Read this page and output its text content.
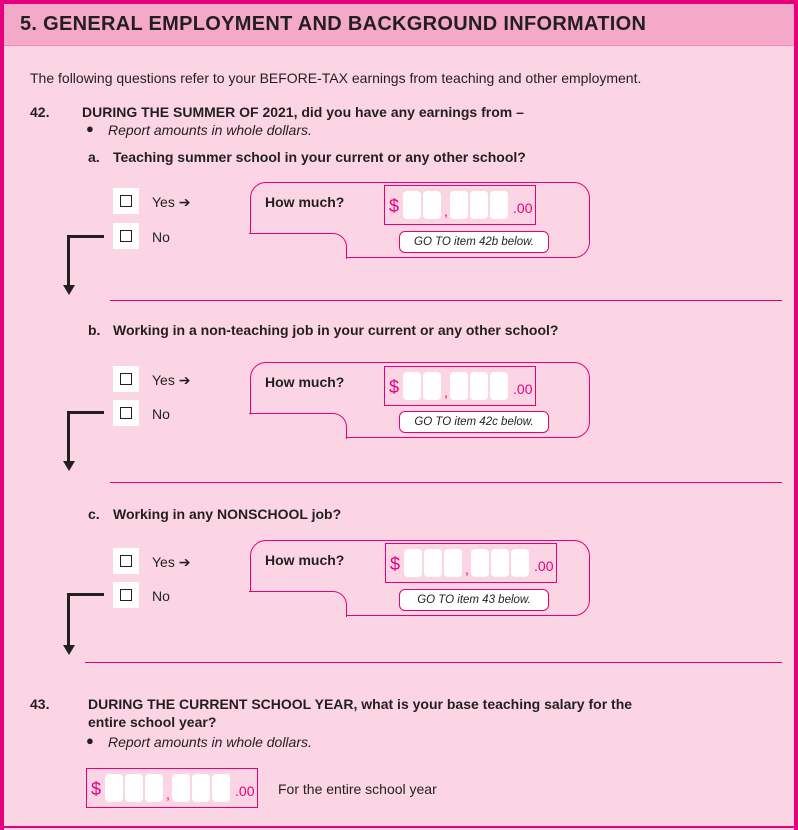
5. GENERAL EMPLOYMENT AND BACKGROUND INFORMATION
The following questions refer to your BEFORE-TAX earnings from teaching and other employment.
42. DURING THE SUMMER OF 2021, did you have any earnings from –
● Report amounts in whole dollars.
a. Teaching summer school in your current or any other school?
Yes ➔
No
How much?
GO TO item 42b below.
$	,	.00
b. Working in a non-teaching job in your current or any other school?
Yes ➔
No
How much?
GO TO item 42c below.
$	,	.00
c. Working in any NONSCHOOL job?
Yes ➔
No
How much?
GO TO item 43 below.
$	,	.00
43.	DURING THE CURRENT SCHOOL YEAR, what is your base teaching salary for the
entire school year?
● Report amounts in whole dollars.
$	,	.00 For the entire school year
